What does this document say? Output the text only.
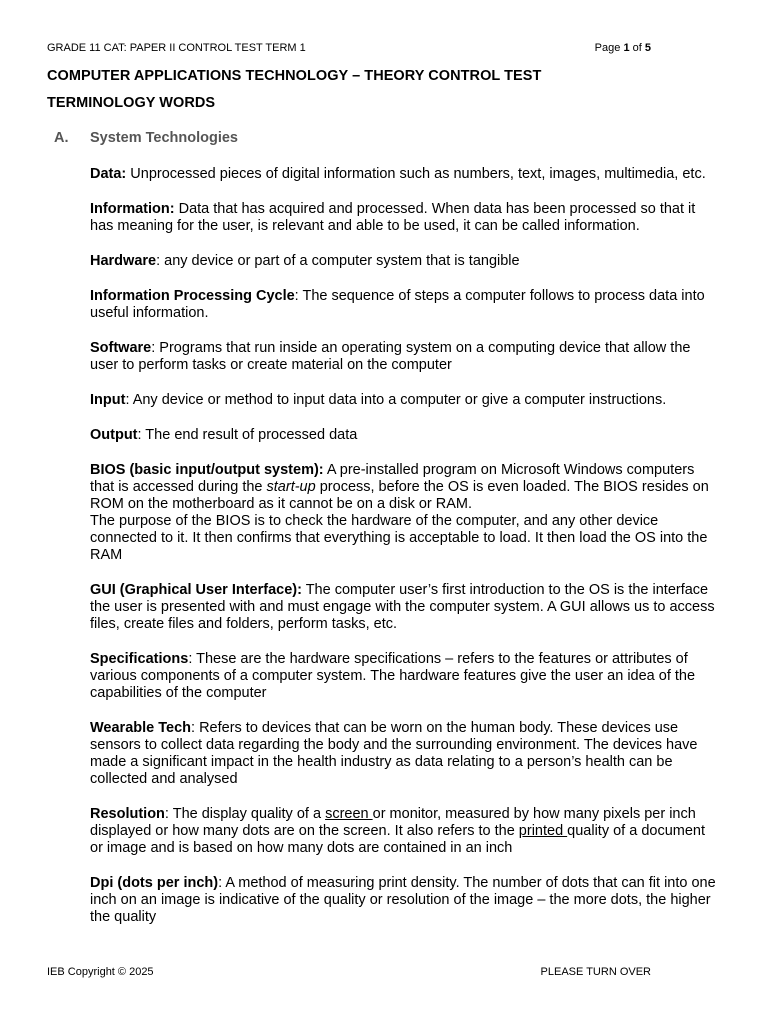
GRADE 11 CAT: PAPER II CONTROL TEST TERM 1	Page 1 of 5
COMPUTER APPLICATIONS TECHNOLOGY – THEORY CONTROL TEST
TERMINOLOGY WORDS
A. System Technologies

Data: Unprocessed pieces of digital information such as numbers, text, images, multimedia, etc.

Information: Data that has acquired and processed. When data has been processed so that it has meaning for the user, is relevant and able to be used, it can be called information.

Hardware: any device or part of a computer system that is tangible

Information Processing Cycle: The sequence of steps a computer follows to process data into useful information.

Software: Programs that run inside an operating system on a computing device that allow the user to perform tasks or create material on the computer

Input: Any device or method to input data into a computer or give a computer instructions.

Output: The end result of processed data

BIOS (basic input/output system): A pre-installed program on Microsoft Windows computers that is accessed during the start-up process, before the OS is even loaded. The BIOS resides on ROM on the motherboard as it cannot be on a disk or RAM.

The purpose of the BIOS is to check the hardware of the computer, and any other device connected to it. It then confirms that everything is acceptable to load. It then load the OS into the RAM

GUI (Graphical User Interface): The computer user’s first introduction to the OS is the interface the user is presented with and must engage with the computer system. A GUI allows us to access files, create files and folders, perform tasks, etc.

Specifications: These are the hardware specifications – refers to the features or attributes of various components of a computer system. The hardware features give the user an idea of the capabilities of the computer

Wearable Tech: Refers to devices that can be worn on the human body. These devices use sensors to collect data regarding the body and the surrounding environment. The devices have made a significant impact in the health industry as data relating to a person’s health can be collected and analysed

Resolution: The display quality of a screen or monitor, measured by how many pixels per inch displayed or how many dots are on the screen. It also refers to the printed quality of a document or image and is based on how many dots are contained in an inch

Dpi (dots per inch): A method of measuring print density. The number of dots that can fit into one inch on an image is indicative of the quality or resolution of the image – the more dots, the higher the quality

IEB Copyright © 2025	PLEASE TURN OVER
